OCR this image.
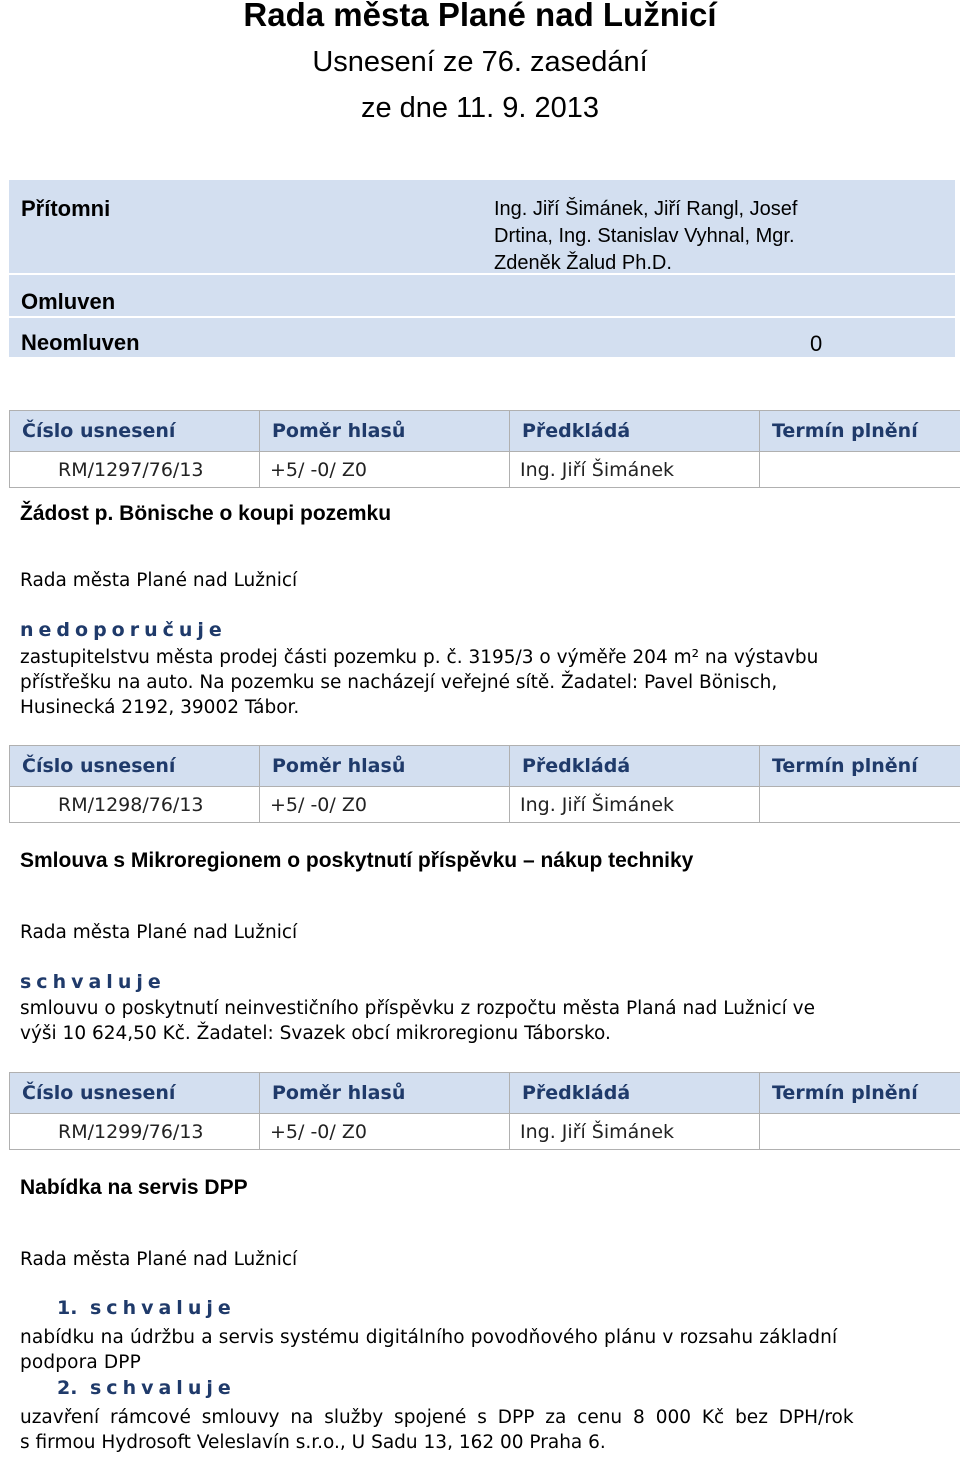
Rada města Plané nad Lužnicí
Usnesení ze 76. zasedání
ze dne 11. 9. 2013
Přítomni	Ing. Jiří Šimánek, Jiří Rangl, Josef
Drtina, Ing. Stanislav Vyhnal, Mgr.
Zdeněk Žalud Ph.D.
Omluven
Neomluven	0
Číslo usnesení	Poměr hlasů	Předkládá	Termín plnění
RM/1297/76/13	+5/ -0/ Z0	Ing. Jiří Šimánek	
Žádost p. Bönische o koupi pozemku
Rada města Plané nad Lužnicí
nedoporučuje
zastupitelstvu města prodej části pozemku p. č. 3195/3 o výměře 204 m² na výstavbu
přístřešku na auto. Na pozemku se nacházejí veřejné sítě. Žadatel: Pavel Bönisch,
Husinecká 2192, 39002 Tábor.
Číslo usnesení	Poměr hlasů	Předkládá	Termín plnění
RM/1298/76/13	+5/ -0/ Z0	Ing. Jiří Šimánek	
Smlouva s Mikroregionem o poskytnutí příspěvku – nákup techniky
Rada města Plané nad Lužnicí
schvaluje
smlouvu o poskytnutí neinvestičního příspěvku z rozpočtu města Planá nad Lužnicí ve
výši 10 624,50 Kč. Žadatel: Svazek obcí mikroregionu Táborsko.
Číslo usnesení	Poměr hlasů	Předkládá	Termín plnění
RM/1299/76/13	+5/ -0/ Z0	Ing. Jiří Šimánek	
Nabídka na servis DPP
Rada města Plané nad Lužnicí
1. schvaluje
nabídku na údržbu a servis systému digitálního povodňového plánu v rozsahu základní
podpora DPP
2. schvaluje
uzavření rámcové smlouvy na služby spojené s DPP za cenu 8 000 Kč bez DPH/rok
s firmou Hydrosoft Veleslavín s.r.o., U Sadu 13, 162 00 Praha 6.
